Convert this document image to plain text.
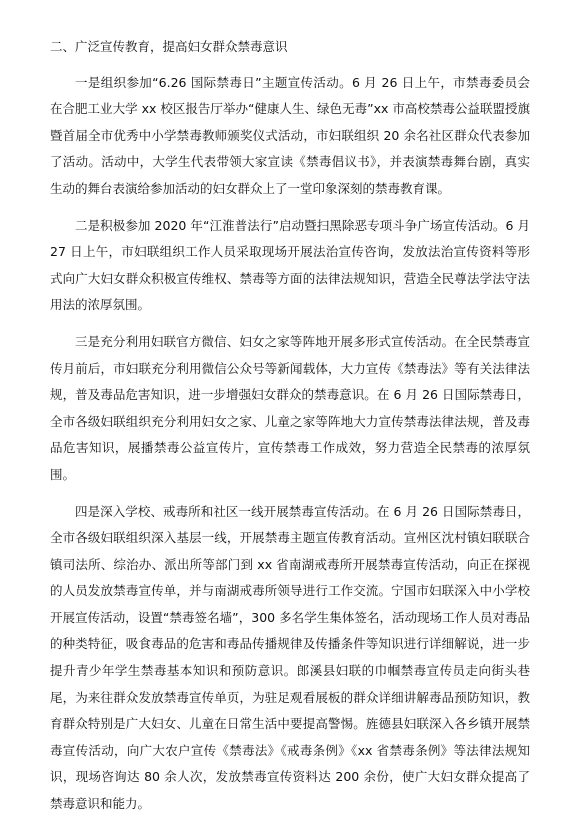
二、广泛宣传教育，提高妇女群众禁毒意识

一是组织参加“6.26 国际禁毒日”主题宣传活动。6 月 26 日上午，市禁毒委员会在合肥工业大学 xx 校区报告厅举办“健康人生、绿色无毒”xx 市高校禁毒公益联盟授旗暨首届全市优秀中小学禁毒教师颁奖仪式活动，市妇联组织 20 余名社区群众代表参加了活动。活动中，大学生代表带领大家宣读《禁毒倡议书》，并表演禁毒舞台剧，真实生动的舞台表演给参加活动的妇女群众上了一堂印象深刻的禁毒教育课。

二是积极参加 2020 年“江淮普法行”启动暨扫黑除恶专项斗争广场宣传活动。6 月 27 日上午，市妇联组织工作人员采取现场开展法治宣传咨询，发放法治宣传资料等形式向广大妇女群众积极宣传维权、禁毒等方面的法律法规知识，营造全民尊法学法守法用法的浓厚氛围。

三是充分利用妇联官方微信、妇女之家等阵地开展多形式宣传活动。在全民禁毒宣传月前后，市妇联充分利用微信公众号等新闻载体，大力宣传《禁毒法》等有关法律法规，普及毒品危害知识，进一步增强妇女群众的禁毒意识。在 6 月 26 日国际禁毒日，全市各级妇联组织充分利用妇女之家、儿童之家等阵地大力宣传禁毒法律法规，普及毒品危害知识，展播禁毒公益宣传片，宣传禁毒工作成效，努力营造全民禁毒的浓厚氛围。

四是深入学校、戒毒所和社区一线开展禁毒宣传活动。在 6 月 26 日国际禁毒日，全市各级妇联组织深入基层一线，开展禁毒主题宣传教育活动。宣州区沈村镇妇联联合镇司法所、综治办、派出所等部门到 xx 省南湖戒毒所开展禁毒宣传活动，向正在探视的人员发放禁毒宣传单，并与南湖戒毒所领导进行工作交流。宁国市妇联深入中小学校开展宣传活动，设置“禁毒签名墙”，300 多名学生集体签名，活动现场工作人员对毒品的种类特征，吸食毒品的危害和毒品传播规律及传播条件等知识进行详细解说，进一步提升青少年学生禁毒基本知识和预防意识。郎溪县妇联的巾帼禁毒宣传员走向街头巷尾，为来往群众发放禁毒宣传单页，为驻足观看展板的群众详细讲解毒品预防知识，教育群众特别是广大妇女、儿童在日常生活中要提高警惕。旌德县妇联深入各乡镇开展禁毒宣传活动，向广大农户宣传《禁毒法》《戒毒条例》《xx 省禁毒条例》等法律法规知识，现场咨询达 80 余人次，发放禁毒宣传资料达 200 余份，使广大妇女群众提高了禁毒意识和能力。
